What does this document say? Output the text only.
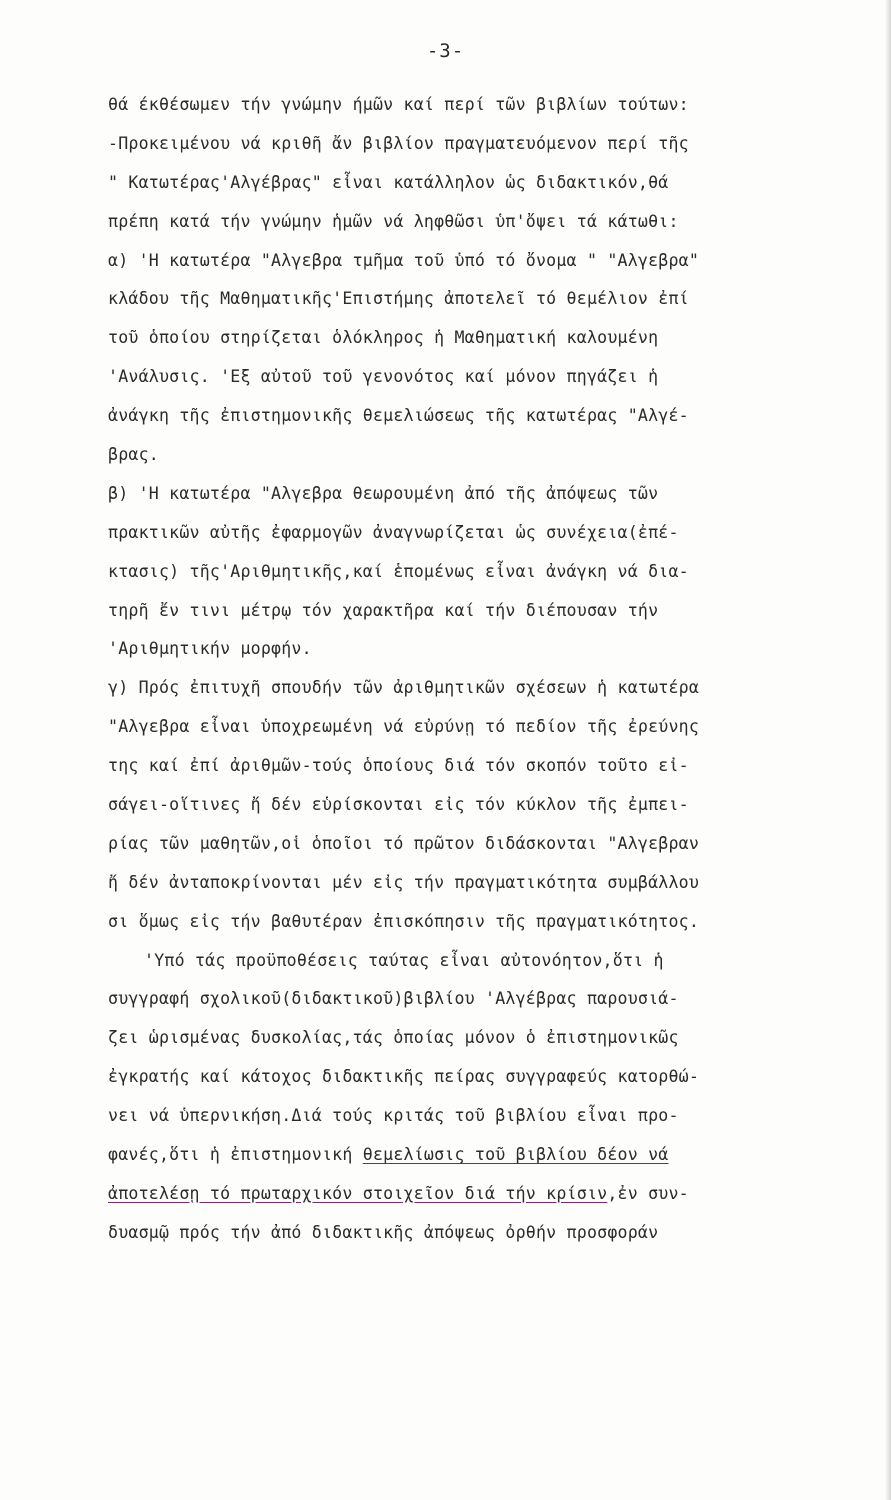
-3-
θά έκθέσωμεν τήν γνώμην ήμῶν καί περί τῶν βιβλίων τούτων:
-Προκειμένου νά κριθῆ ἄν βιβλίον πραγματευόμενον περί τῆς
" Κατωτέρας'Αλγέβρας" εἶναι κατάλληλον ὡς διδακτικόν,θά
πρέπη κατά τήν γνώμην ἡμῶν νά ληφθῶσι ὑπ'ὄψει τά κάτωθι:
α) 'Η κατωτέρα "Αλγεβρα τμῆμα τοῦ ὑπό τό ὄνομα " "Αλγεβρα"
κλάδου τῆς Μαθηματικῆς'Επιστήμης ἀποτελεῖ τό θεμέλιον ἐπί
τοῦ ὁποίου στηρίζεται ὁλόκληρος ἡ Μαθηματική καλουμένη
'Ανάλυσις. 'Εξ αὐτοῦ τοῦ γενονότος καί μόνον πηγάζει ἡ
ἀνάγκη τῆς ἐπιστημονικῆς θεμελιώσεως τῆς κατωτέρας "Αλγέ-
βρας.
β) 'Η κατωτέρα "Αλγεβρα θεωρουμένη ἀπό τῆς ἀπόψεως τῶν
πρακτικῶν αὐτῆς ἐφαρμογῶν ἀναγνωρίζεται ὡς συνέχεια(ἐπέ-
κτασις) τῆς'Αριθμητικῆς,καί ἑπομένως εἶναι ἀνάγκη νά δια-
τηρῆ ἔν τινι μέτρῳ τόν χαρακτῆρα καί τήν διέπουσαν τήν
'Αριθμητικήν μορφήν.
γ) Πρός ἐπιτυχῆ σπουδήν τῶν ἀριθμητικῶν σχέσεων ἡ κατωτέρα
"Αλγεβρα εἶναι ὑποχρεωμένη νά εὐρύνῃ τό πεδίον τῆς ἐρεύνης
της καί ἐπί ἀριθμῶν-τούς ὁποίους διά τόν σκοπόν τοῦτο εἰ-
σάγει-οἵτινες ἤ δέν εὑρίσκονται εἰς τόν κύκλον τῆς ἐμπει-
ρίας τῶν μαθητῶν,οἱ ὁποῖοι τό πρῶτον διδάσκονται "Αλγεβραν
ἤ δέν ἀνταποκρίνονται μέν εἰς τήν πραγματικότητα συμβάλλου
σι ὅμως εἰς τήν βαθυτέραν ἐπισκόπησιν τῆς πραγματικότητος.
'Υπό τάς προϋποθέσεις ταύτας εἶναι αὐτονόητον,ὅτι ἡ
συγγραφή σχολικοῦ(διδακτικοῦ)βιβλίου 'Αλγέβρας παρουσιά-
ζει ὡρισμένας δυσκολίας,τάς ὁποίας μόνον ὁ ἐπιστημονικῶς
ἐγκρατής καί κάτοχος διδακτικῆς πείρας συγγραφεύς κατορθώ-
νει νά ὑπερνικήση.Διά τούς κριτάς τοῦ βιβλίου εἶναι προ-
φανές,ὅτι ἡ ἐπιστημονική θεμελίωσις τοῦ βιβλίου δέον νά
ἀποτελέσῃ τό πρωταρχικόν στοιχεῖον διά τήν κρίσιν,ἐν συν-
δυασμῷ πρός τήν ἀπό διδακτικῆς ἀπόψεως ὀρθήν προσφοράν
